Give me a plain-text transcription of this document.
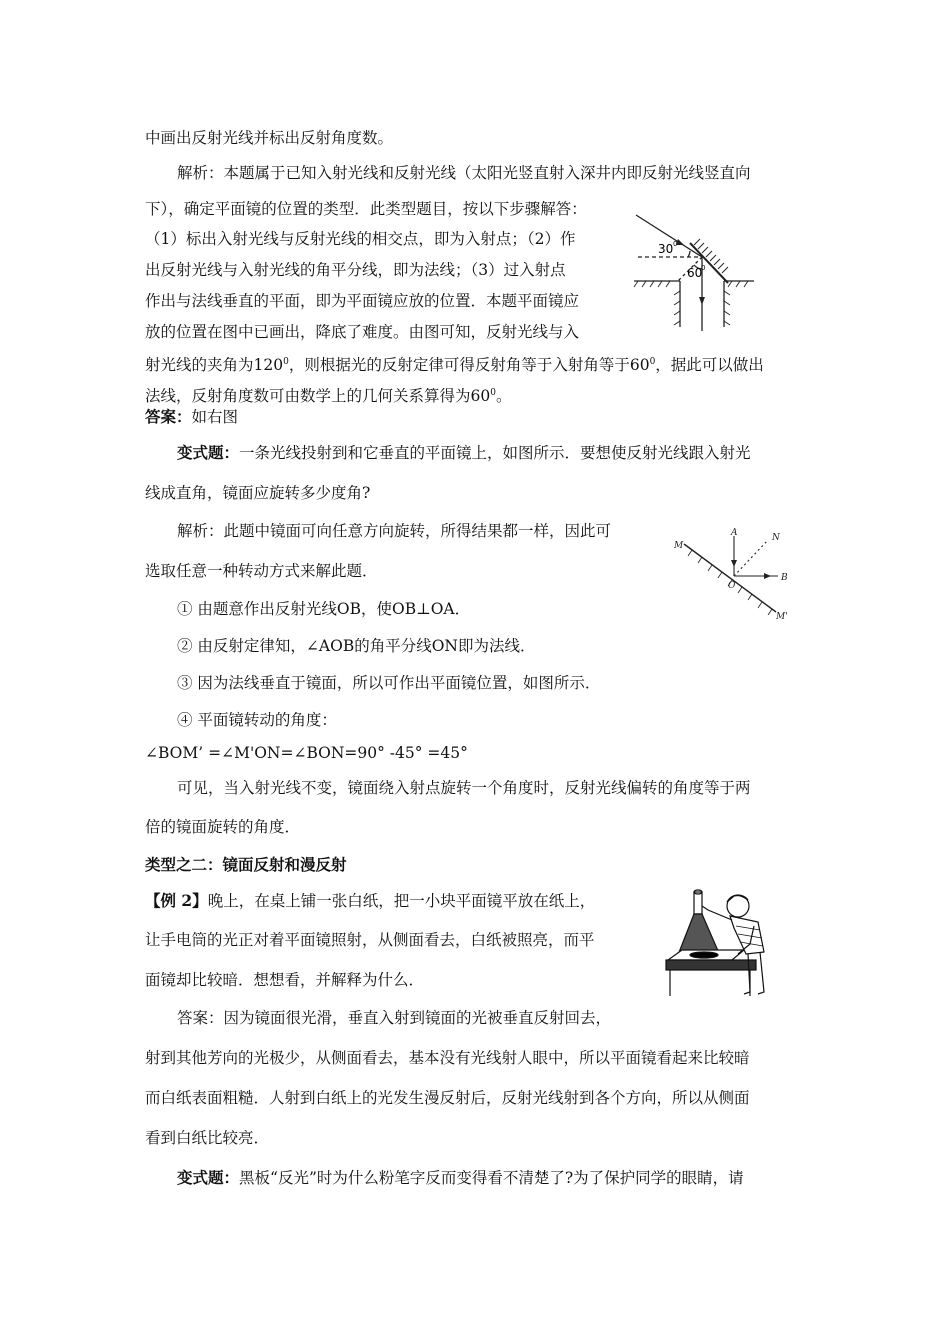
中画出反射光线并标出反射角度数。
解析：本题属于已知入射光线和反射光线（太阳光竖直射入深井内即反射光线竖直向
下），确定平面镜的位置的类型．此类型题目，按以下步骤解答：
（1）标出入射光线与反射光线的相交点，即为入射点；（2）作
出反射光线与入射光线的角平分线，即为法线；（3）过入射点
作出与法线垂直的平面，即为平面镜应放的位置．本题平面镜应
放的位置在图中已画出，降底了难度。由图可知，反射光线与入
射光线的夹角为$120^0$，则根据光的反射定律可得反射角等于入射角等于$60^0$，据此可以做出
法线，反射角度数可由数学上的几何关系算得为$60^0$。
答案：如右图
变式题：一条光线投射到和它垂直的平面镜上，如图所示．要想使反射光线跟入射光
线成直角，镜面应旋转多少度角?
解析：此题中镜面可向任意方向旋转，所得结果都一样，因此可
选取任意一种转动方式来解此题．
① 由题意作出反射光线OB，使OB⊥OA．
② 由反射定律知，∠AOB的角平分线ON即为法线．
③ 因为法线垂直于镜面，所以可作出平面镜位置，如图所示．
④ 平面镜转动的角度：
∠BOM’ =∠M'ON=∠BON=90° -45° =45°
可见，当入射光线不变，镜面绕入射点旋转一个角度时，反射光线偏转的角度等于两
倍的镜面旋转的角度．
类型之二：镜面反射和漫反射
【例 2】晚上，在桌上铺一张白纸，把一小块平面镜平放在纸上，
让手电筒的光正对着平面镜照射，从侧面看去，白纸被照亮，而平
面镜却比较暗．想想看，并解释为什么．
答案：因为镜面很光滑，垂直入射到镜面的光被垂直反射回去，
射到其他芳向的光极少，从侧面看去，基本没有光线射人眼中，所以平面镜看起来比较暗
而白纸表面粗糙．人射到白纸上的光发生漫反射后，反射光线射到各个方向，所以从侧面
看到白纸比较亮．
变式题：黑板“反光”时为什么粉笔字反而变得看不清楚了?为了保护同学的眼睛，请
30 0
60
0
A	N
M
O
B
M'
